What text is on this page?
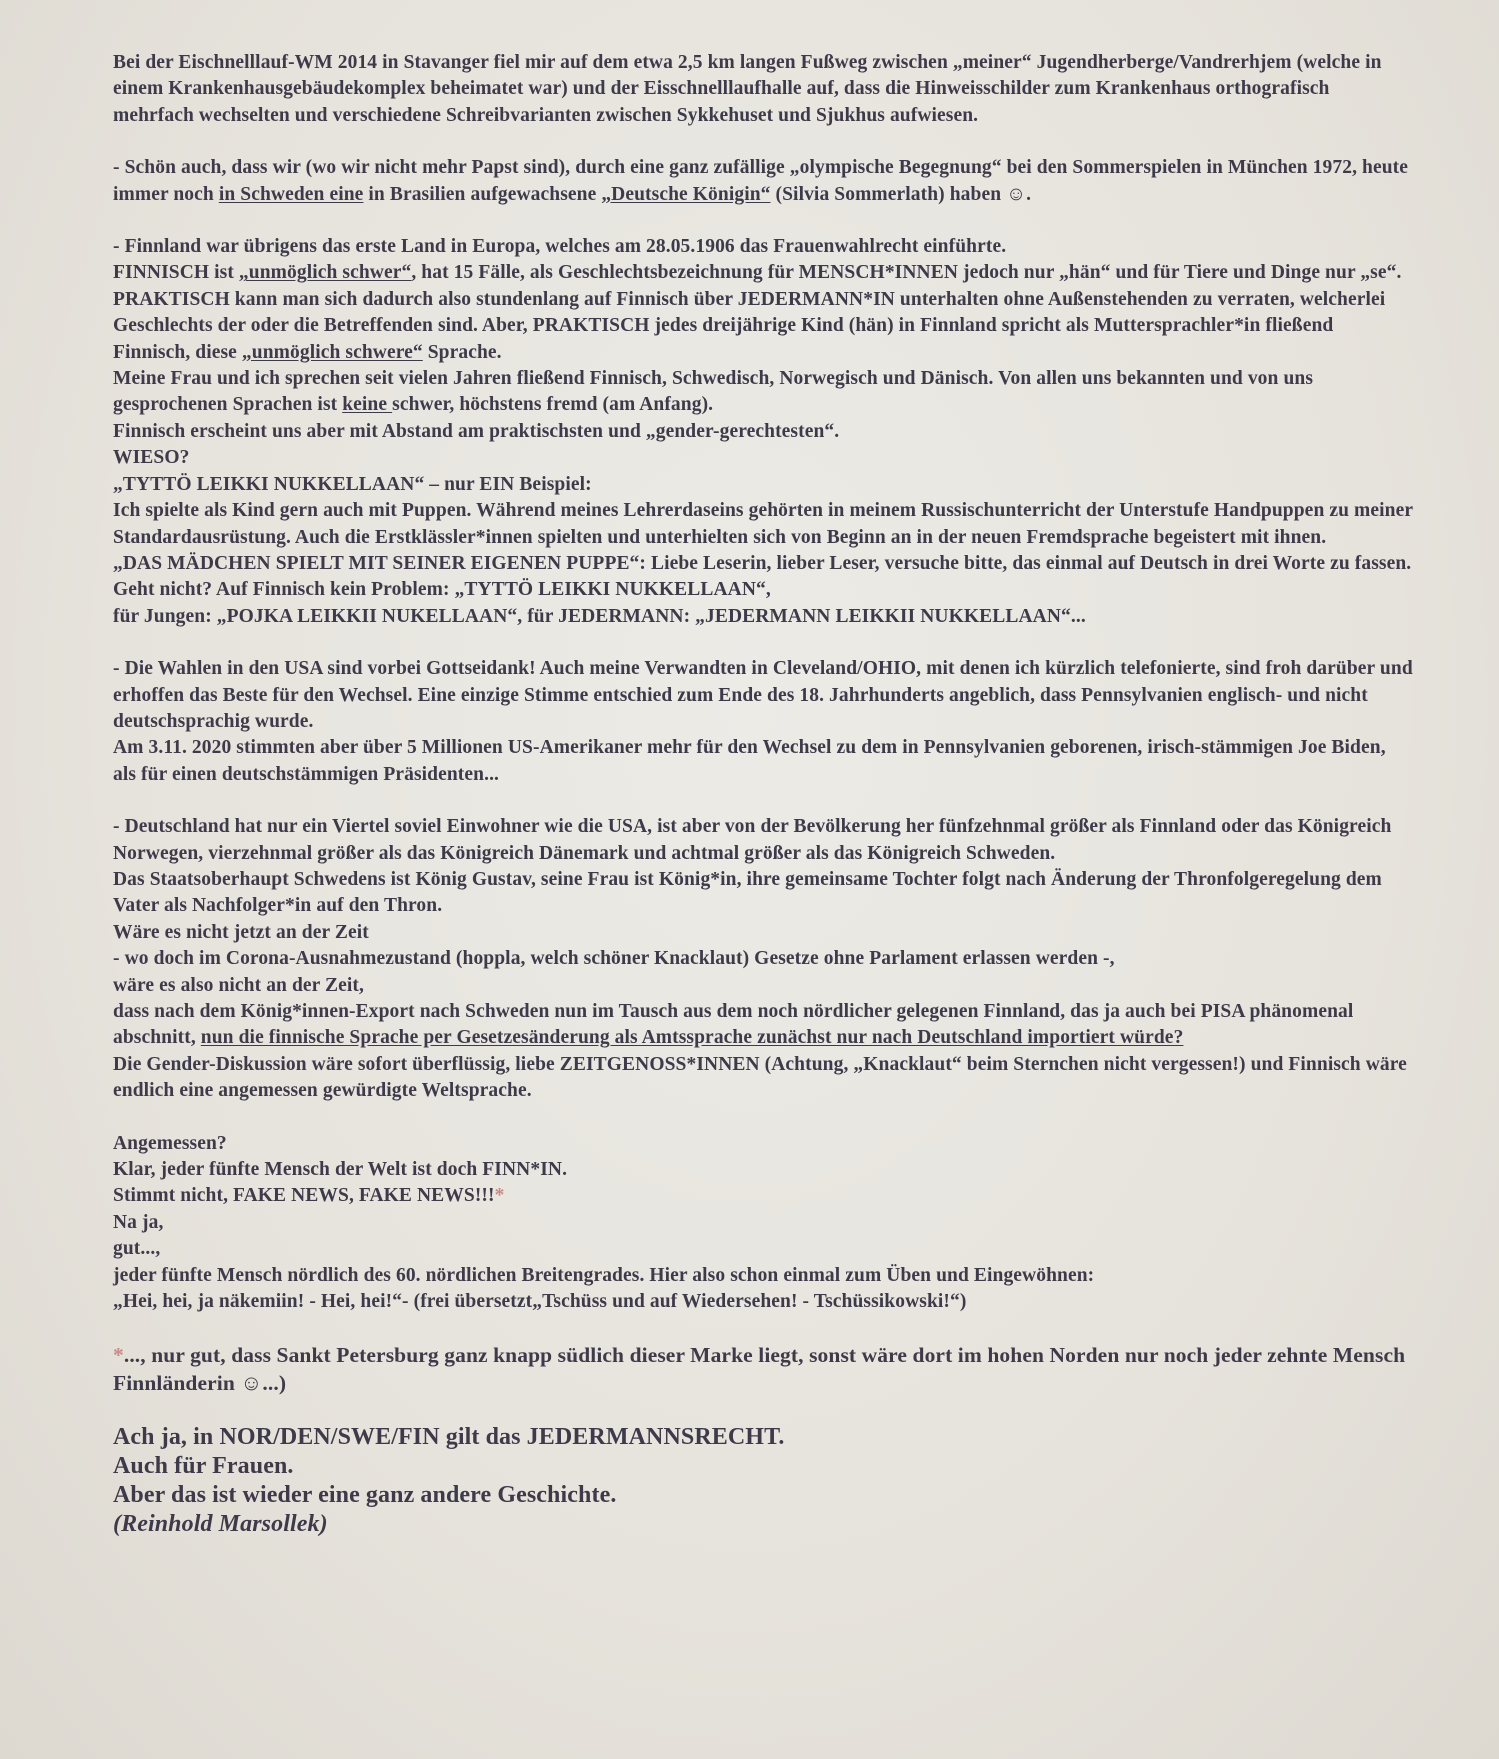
Bei der Eischnelllauf-WM 2014 in Stavanger fiel mir auf dem etwa 2,5 km langen Fußweg zwischen „meiner“ Jugendherberge/Vandrerhjem (welche in einem Krankenhausgebäudekomplex beheimatet war) und der Eisschnelllaufhalle auf, dass die Hinweisschilder zum Krankenhaus orthografisch mehrfach wechselten und verschiedene Schreibvarianten zwischen Sykkehuset und Sjukhus aufwiesen.

- Schön auch, dass wir (wo wir nicht mehr Papst sind), durch eine ganz zufällige „olympische Begegnung“ bei den Sommerspielen in München 1972, heute immer noch in Schweden eine in Brasilien aufgewachsene „Deutsche Königin“ (Silvia Sommerlath) haben ☺.

- Finnland war übrigens das erste Land in Europa, welches am 28.05.1906 das Frauenwahlrecht einführte.

FINNISCH ist „unmöglich schwer“, hat 15 Fälle, als Geschlechtsbezeichnung für MENSCH*INNEN jedoch nur „hän“ und für Tiere und Dinge nur „se“.

PRAKTISCH kann man sich dadurch also stundenlang auf Finnisch über JEDERMANN*IN unterhalten ohne Außenstehenden zu verraten, welcherlei Geschlechts der oder die Betreffenden sind. Aber, PRAKTISCH jedes dreijährige Kind (hän) in Finnland spricht als Muttersprachler*in fließend Finnisch, diese „unmöglich schwere“ Sprache.

Meine Frau und ich sprechen seit vielen Jahren fließend Finnisch, Schwedisch, Norwegisch und Dänisch. Von allen uns bekannten und von uns gesprochenen Sprachen ist keine schwer, höchstens fremd (am Anfang).

Finnisch erscheint uns aber mit Abstand am praktischsten und „gender-gerechtesten“.

WIESO?

„TYTTÖ LEIKKI NUKKELLAAN“ – nur EIN Beispiel:

Ich spielte als Kind gern auch mit Puppen. Während meines Lehrerdaseins gehörten in meinem Russischunterricht der Unterstufe Handpuppen zu meiner Standardausrüstung. Auch die Erstklässler*innen spielten und unterhielten sich von Beginn an in der neuen Fremdsprache begeistert mit ihnen.

„DAS MÄDCHEN SPIELT MIT SEINER EIGENEN PUPPE“: Liebe Leserin, lieber Leser, versuche bitte, das einmal auf Deutsch in drei Worte zu fassen. Geht nicht? Auf Finnisch kein Problem: „TYTTÖ LEIKKI NUKKELLAAN“,

für Jungen: „POJKA LEIKKII NUKELLAAN“, für JEDERMANN: „JEDERMANN LEIKKII NUKKELLAAN“...

- Die Wahlen in den USA sind vorbei Gottseidank! Auch meine Verwandten in Cleveland/OHIO, mit denen ich kürzlich telefonierte, sind froh darüber und erhoffen das Beste für den Wechsel. Eine einzige Stimme entschied zum Ende des 18. Jahrhunderts angeblich, dass Pennsylvanien englisch- und nicht deutschsprachig wurde.

Am 3.11. 2020 stimmten aber über 5 Millionen US-Amerikaner mehr für den Wechsel zu dem in Pennsylvanien geborenen, irisch-stämmigen Joe Biden, als für einen deutschstämmigen Präsidenten...

- Deutschland hat nur ein Viertel soviel Einwohner wie die USA, ist aber von der Bevölkerung her fünfzehnmal größer als Finnland oder das Königreich Norwegen, vierzehnmal größer als das Königreich Dänemark und achtmal größer als das Königreich Schweden.

Das Staatsoberhaupt Schwedens ist König Gustav, seine Frau ist König*in, ihre gemeinsame Tochter folgt nach Änderung der Thronfolgeregelung dem Vater als Nachfolger*in auf den Thron.

Wäre es nicht jetzt an der Zeit

- wo doch im Corona-Ausnahmezustand (hoppla, welch schöner Knacklaut) Gesetze ohne Parlament erlassen werden -,

wäre es also nicht an der Zeit,

dass nach dem König*innen-Export nach Schweden nun im Tausch aus dem noch nördlicher gelegenen Finnland, das ja auch bei PISA phänomenal abschnitt, nun die finnische Sprache per Gesetzesänderung als Amtssprache zunächst nur nach Deutschland importiert würde?

Die Gender-Diskussion wäre sofort überflüssig, liebe ZEITGENOSS*INNEN (Achtung, „Knacklaut“ beim Sternchen nicht vergessen!) und Finnisch wäre endlich eine angemessen gewürdigte Weltsprache.

Angemessen?

Klar, jeder fünfte Mensch der Welt ist doch FINN*IN.

Stimmt nicht, FAKE NEWS, FAKE NEWS!!!*

Na ja,

gut...,

jeder fünfte Mensch nördlich des 60. nördlichen Breitengrades. Hier also schon einmal zum Üben und Eingewöhnen:

„Hei, hei, ja näkemiin! - Hei, hei!“- (frei übersetzt„Tschüss und auf Wiedersehen! - Tschüssikowski!“)

*..., nur gut, dass Sankt Petersburg ganz knapp südlich dieser Marke liegt, sonst wäre dort im hohen Norden nur noch jeder zehnte Mensch Finnländerin ☺...)

Ach ja, in NOR/DEN/SWE/FIN gilt das JEDERMANNSRECHT.

Auch für Frauen.

Aber das ist wieder eine ganz andere Geschichte.

(Reinhold Marsollek)
